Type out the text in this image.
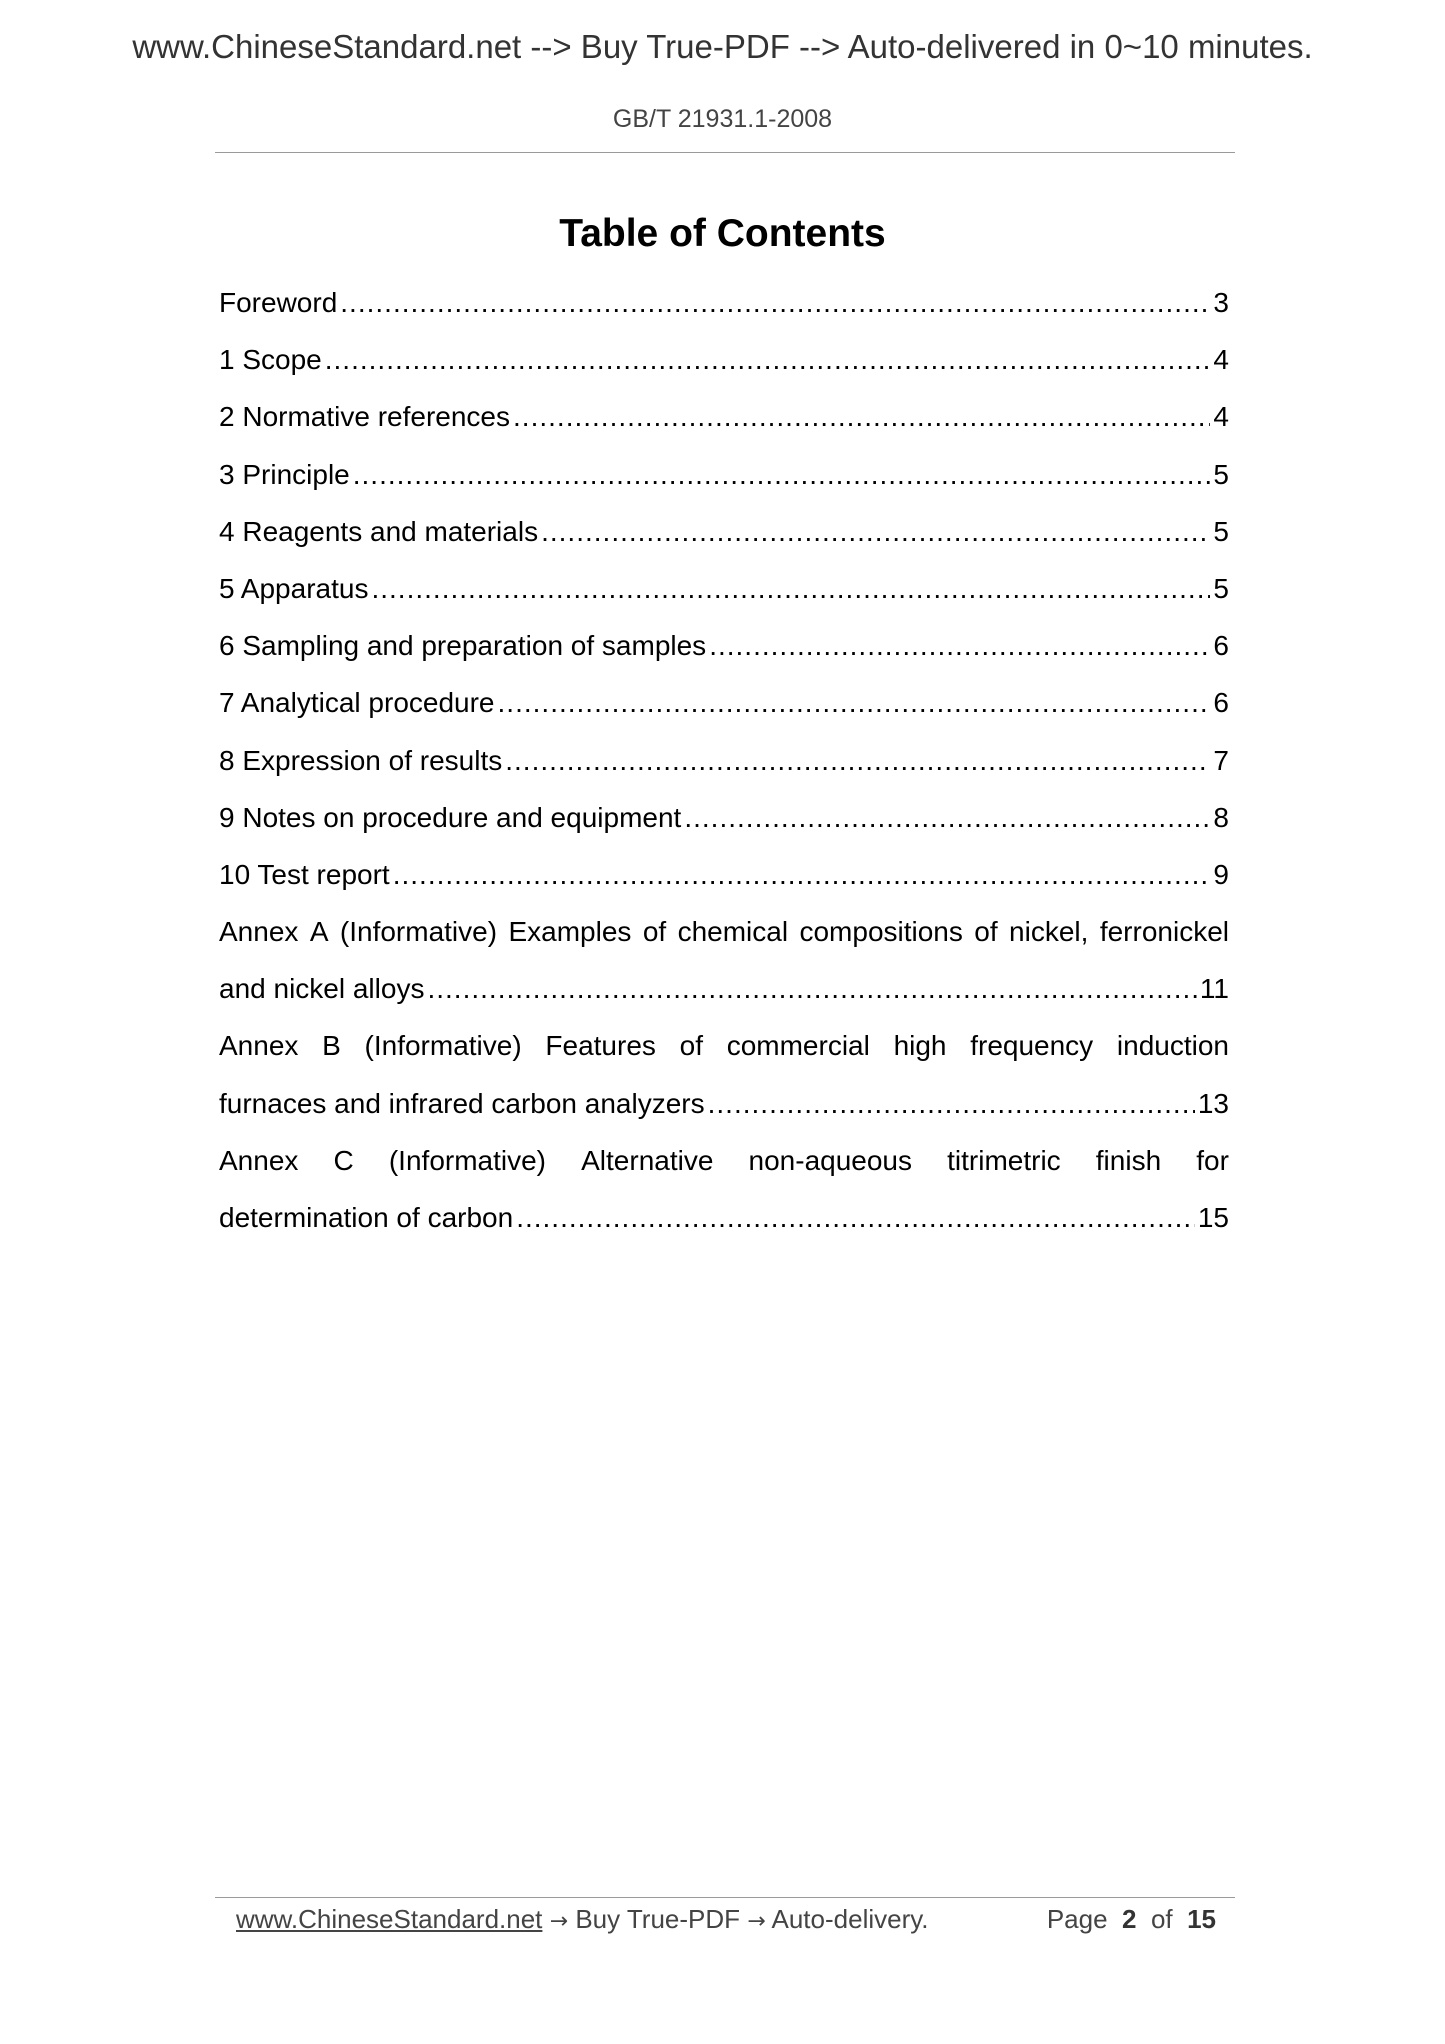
www.ChineseStandard.net --> Buy True-PDF --> Auto-delivered in 0~10 minutes.
GB/T 21931.1-2008
Table of Contents
Foreword .....	3
1 Scope .....	4
2 Normative references .....	4
3 Principle .....	5
4 Reagents and materials .....	5
5 Apparatus .....	5
6 Sampling and preparation of samples .....	6
7 Analytical procedure .....	6
8 Expression of results .....	7
9 Notes on procedure and equipment .....	8
10 Test report .....	9
Annex A (Informative) Examples of chemical compositions of nickel, ferronickel
and nickel alloys .....	11
Annex B (Informative) Features of commercial high frequency induction
furnaces and infrared carbon analyzers .....	13
Annex C (Informative) Alternative non-aqueous titrimetric finish for
determination of carbon .....	15
www.ChineseStandard.net → Buy True-PDF → Auto-delivery.	Page 2 of 15
